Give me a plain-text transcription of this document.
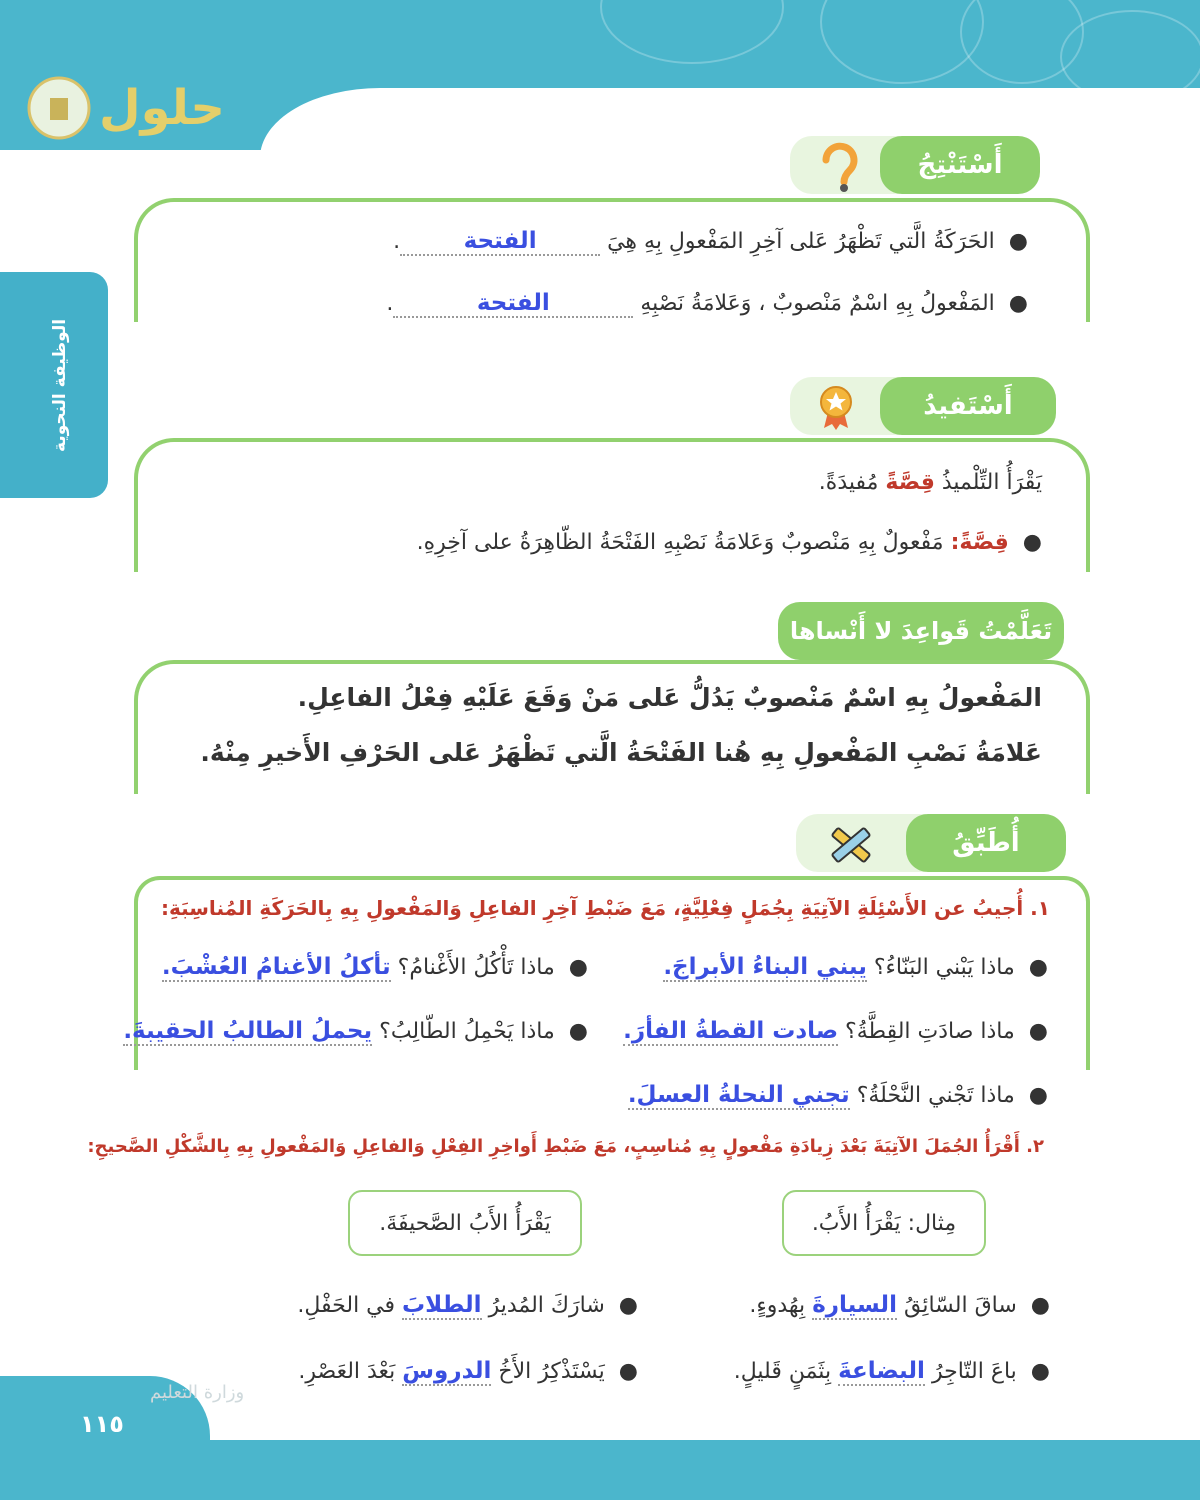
حلول
الوظيفة النحوية
أَسْتَنْتِجُ
●الحَرَكَةُ الَّتي تَظْهَرُ عَلى آخِرِ المَفْعولِ بِهِ هِيَ الفتحة.
●المَفْعولُ بِهِ اسْمٌ مَنْصوبٌ ، وَعَلامَةُ نَصْبِهِ الفتحة.
أَسْتَفيدُ
يَقْرَأُ التِّلْميذُ قِصَّةً مُفيدَةً.
●قِصَّةً: مَفْعولٌ بِهِ مَنْصوبٌ وَعَلامَةُ نَصْبِهِ الفَتْحَةُ الظّاهِرَةُ على آخِرِهِ.
تَعَلَّمْتُ قَواعِدَ لا أَنْساها
المَفْعولُ بِهِ اسْمٌ مَنْصوبٌ يَدُلُّ عَلى مَنْ وَقَعَ عَلَيْهِ فِعْلُ الفاعِلِ.
عَلامَةُ نَصْبِ المَفْعولِ بِهِ هُنا الفَتْحَةُ الَّتي تَظْهَرُ عَلى الحَرْفِ الأَخيرِ مِنْهُ.
أُطَبِّقُ
١. أُجيبُ عن الأَسْئِلَةِ الآتِيَةِ بِجُمَلٍ فِعْلِيَّةٍ، مَعَ ضَبْطِ آخِرِ الفاعِلِ وَالمَفْعولِ بِهِ بِالحَرَكَةِ المُناسِبَةِ:
●ماذا يَبْني البَنّاءُ؟ يبني البناءُ الأبراجَ.
●ماذا تَأْكُلُ الأَغْنامُ؟ تأكلُ الأغنامُ العُشْبَ.
●ماذا صادَتِ القِطَّةُ؟ صادت القطةُ الفأرَ.
●ماذا يَحْمِلُ الطّالِبُ؟ يحملُ الطالبُ الحقيبةَ.
●ماذا تَجْني النَّحْلَةُ؟ تجني النحلةُ العسلَ.
٢. أَقْرَأُ الجُمَلَ الآتِيَةَ بَعْدَ زِيادَةِ مَفْعولٍ بِهِ مُناسِبٍ، مَعَ ضَبْطِ أَواخِرِ الفِعْلِ وَالفاعِلِ وَالمَفْعولِ بِهِ بِالشَّكْلِ الصَّحيحِ:
مِثال: يَقْرَأُ الأَبُ.
يَقْرَأُ الأَبُ الصَّحيفَةَ.
●ساقَ السّائِقُ السيارةَ بِهُدوءٍ.
●شارَكَ المُديرُ الطلابَ في الحَفْلِ.
●باعَ التّاجِرُ البضاعةَ بِثَمَنٍ قَليلٍ.
●يَسْتَذْكِرُ الأَخُ الدروسَ بَعْدَ العَصْرِ.
١١٥
وزارة التعليم
